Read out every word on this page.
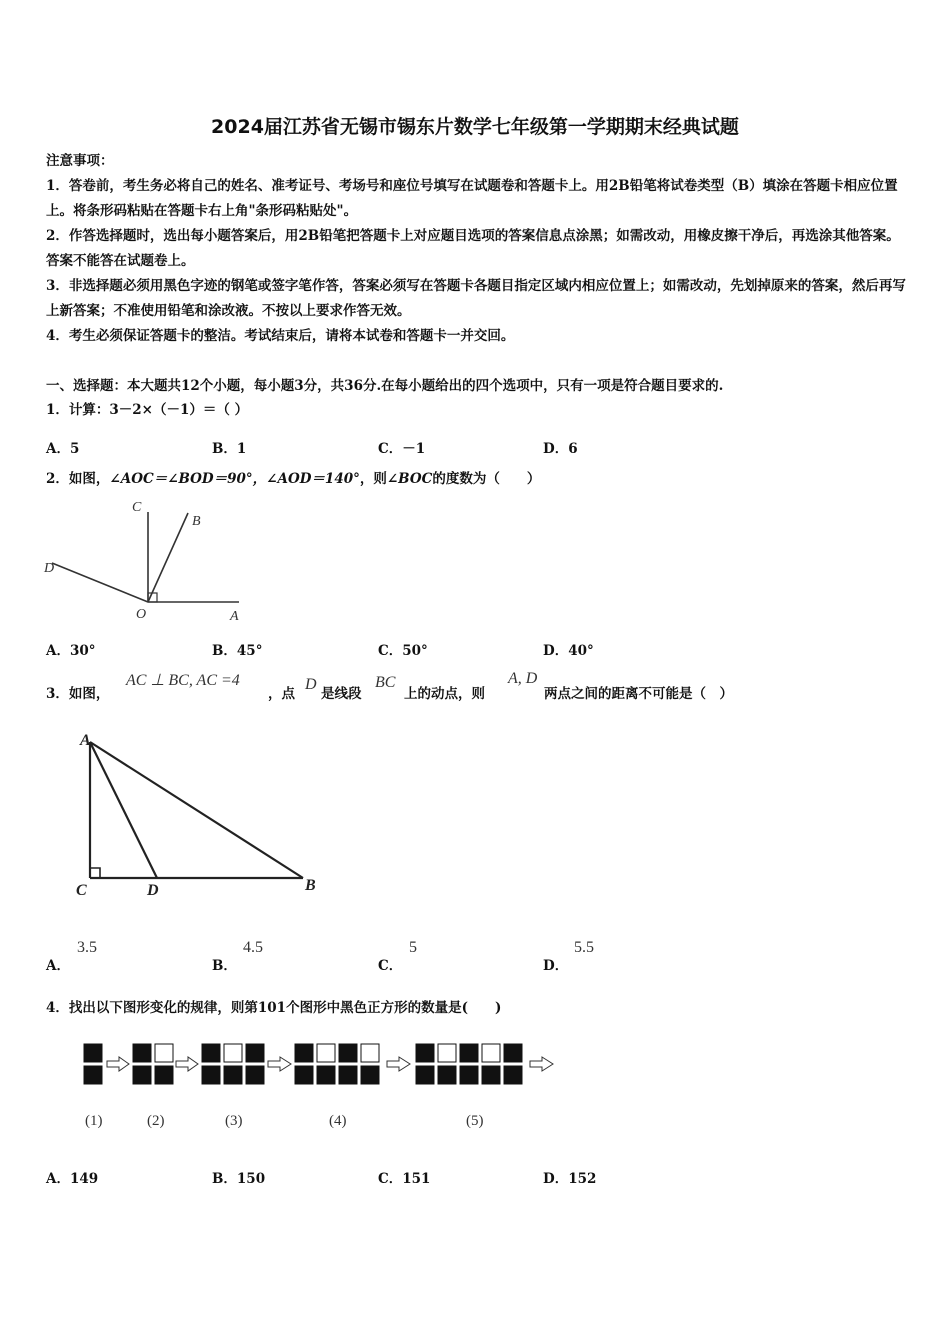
2024届江苏省无锡市锡东片数学七年级第一学期期末经典试题
注意事项：
1．答卷前，考生务必将自己的姓名、准考证号、考场号和座位号填写在试题卷和答题卡上。用2B铅笔将试卷类型（B）填涂在答题卡相应位置上。将条形码粘贴在答题卡右上角"条形码粘贴处"。
2．作答选择题时，选出每小题答案后，用2B铅笔把答题卡上对应题目选项的答案信息点涂黑；如需改动，用橡皮擦干净后，再选涂其他答案。答案不能答在试题卷上。
3．非选择题必须用黑色字迹的钢笔或签字笔作答，答案必须写在答题卡各题目指定区域内相应位置上；如需改动，先划掉原来的答案，然后再写上新答案；不准使用铅笔和涂改液。不按以上要求作答无效。
4．考生必须保证答题卡的整洁。考试结束后，请将本试卷和答题卡一并交回。
一、选择题：本大题共12个小题，每小题3分，共36分.在每小题给出的四个选项中，只有一项是符合题目要求的.
1．计算：3－2×（－1）＝（ ）
A．5	B．1	C．－1	D．6
2．如图，∠AOC＝∠BOD＝90°，∠AOD＝140°，则∠BOC的度数为（　　）
C
B
D
O	A
A．30°	B．45°	C．50°	D．40°
3．如图，
AC ⊥ BC, AC =4
，点
D
是线段
BC
上的动点，则
A, D
两点之间的距离不可能是（　）
A
C	D	B
A．
3.5
B．
4.5
C．
5
D．
5.5
4．找出以下图形变化的规律，则第101个图形中黑色正方形的数量是(　　)
(1)	(2)	(3)	(4)	(5)
A．149	B．150	C．151	D．152
